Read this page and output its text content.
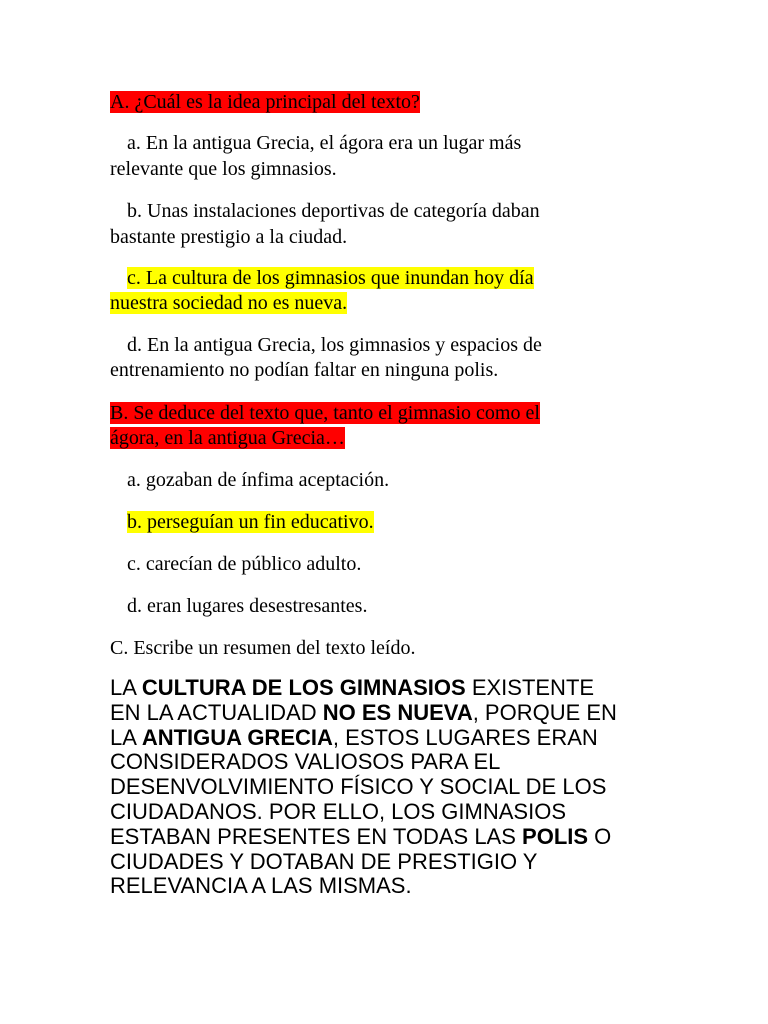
A. ¿Cuál es la idea principal del texto?
a. En la antigua Grecia, el ágora era un lugar más
relevante que los gimnasios.
b. Unas instalaciones deportivas de categoría daban
bastante prestigio a la ciudad.
c. La cultura de los gimnasios que inundan hoy día
nuestra sociedad no es nueva.
d. En la antigua Grecia, los gimnasios y espacios de
entrenamiento no podían faltar en ninguna polis.
B. Se deduce del texto que, tanto el gimnasio como el
ágora, en la antigua Grecia…
a. gozaban de ínfima aceptación.
b. perseguían un fin educativo.
c. carecían de público adulto.
d. eran lugares desestresantes.
C. Escribe un resumen del texto leído.
LA CULTURA DE LOS GIMNASIOS EXISTENTE
EN LA ACTUALIDAD NO ES NUEVA, PORQUE EN
LA ANTIGUA GRECIA, ESTOS LUGARES ERAN
CONSIDERADOS VALIOSOS PARA EL
DESENVOLVIMIENTO FÍSICO Y SOCIAL DE LOS
CIUDADANOS. POR ELLO, LOS GIMNASIOS
ESTABAN PRESENTES EN TODAS LAS POLIS O
CIUDADES Y DOTABAN DE PRESTIGIO Y
RELEVANCIA A LAS MISMAS.
